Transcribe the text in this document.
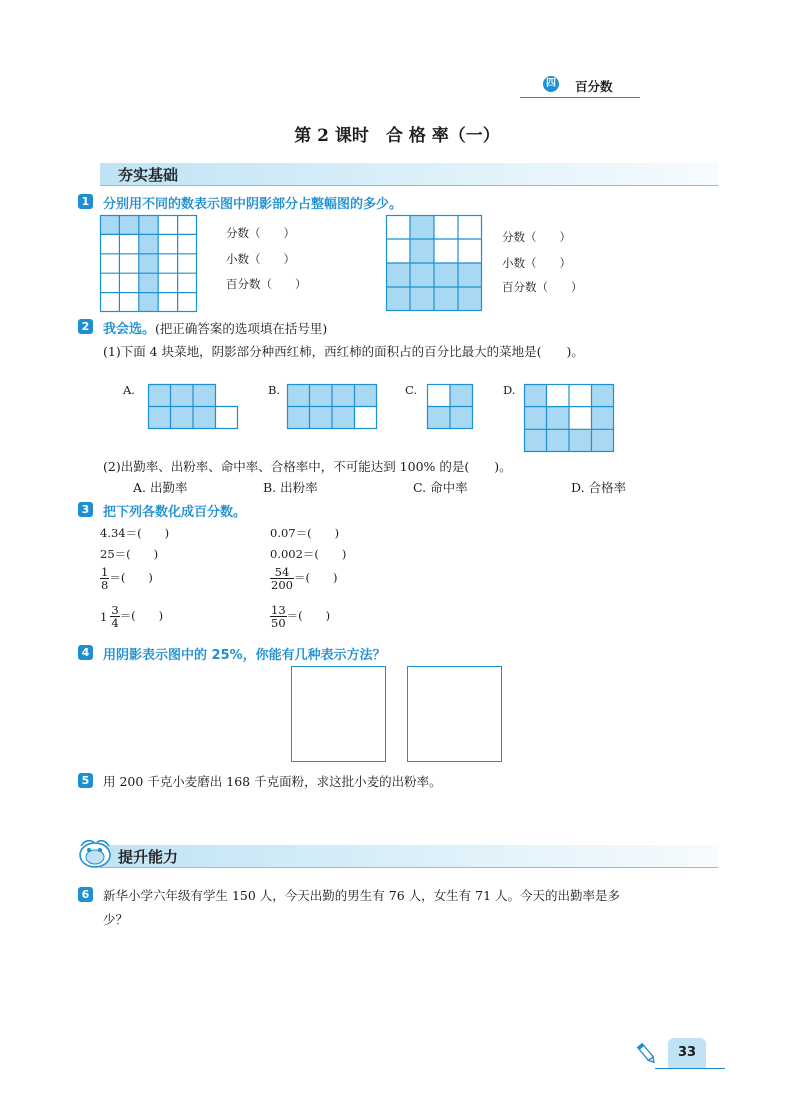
四 百分数
第 2 课时　合 格 率（一）
夯实基础
1 分别用不同的数表示图中阴影部分占整幅图的多少。
分数（　　）
小数（　　）
百分数（　　）
分数（　　）
小数（　　）
百分数（　　）
2 我会选。(把正确答案的选项填在括号里)
(1)下面 4 块菜地，阴影部分种西红柿，西红柿的面积占的百分比最大的菜地是(　　)。
A.	B.	C.	D.
(2)出勤率、出粉率、命中率、合格率中，不可能达到 100% 的是(　　)。
A. 出勤率	B. 出粉率	C. 命中率	D. 合格率
3 把下列各数化成百分数。
4.34＝(　　)	0.07＝(　　)
25＝(　　)	0.002＝(　　)
$\frac{1}{8}$ ＝(　　)	$\frac{54}{200}$ ＝(　　)
$1 \frac{3}{4}$ ＝(　　)	$\frac{13}{50}$ ＝(　　)
4 用阴影表示图中的 25%，你能有几种表示方法？
5 用 200 千克小麦磨出 168 千克面粉，求这批小麦的出粉率。
提升能力
6 新华小学六年级有学生 150 人，今天出勤的男生有 76 人，女生有 71 人。今天的出勤率是多
少？
33
